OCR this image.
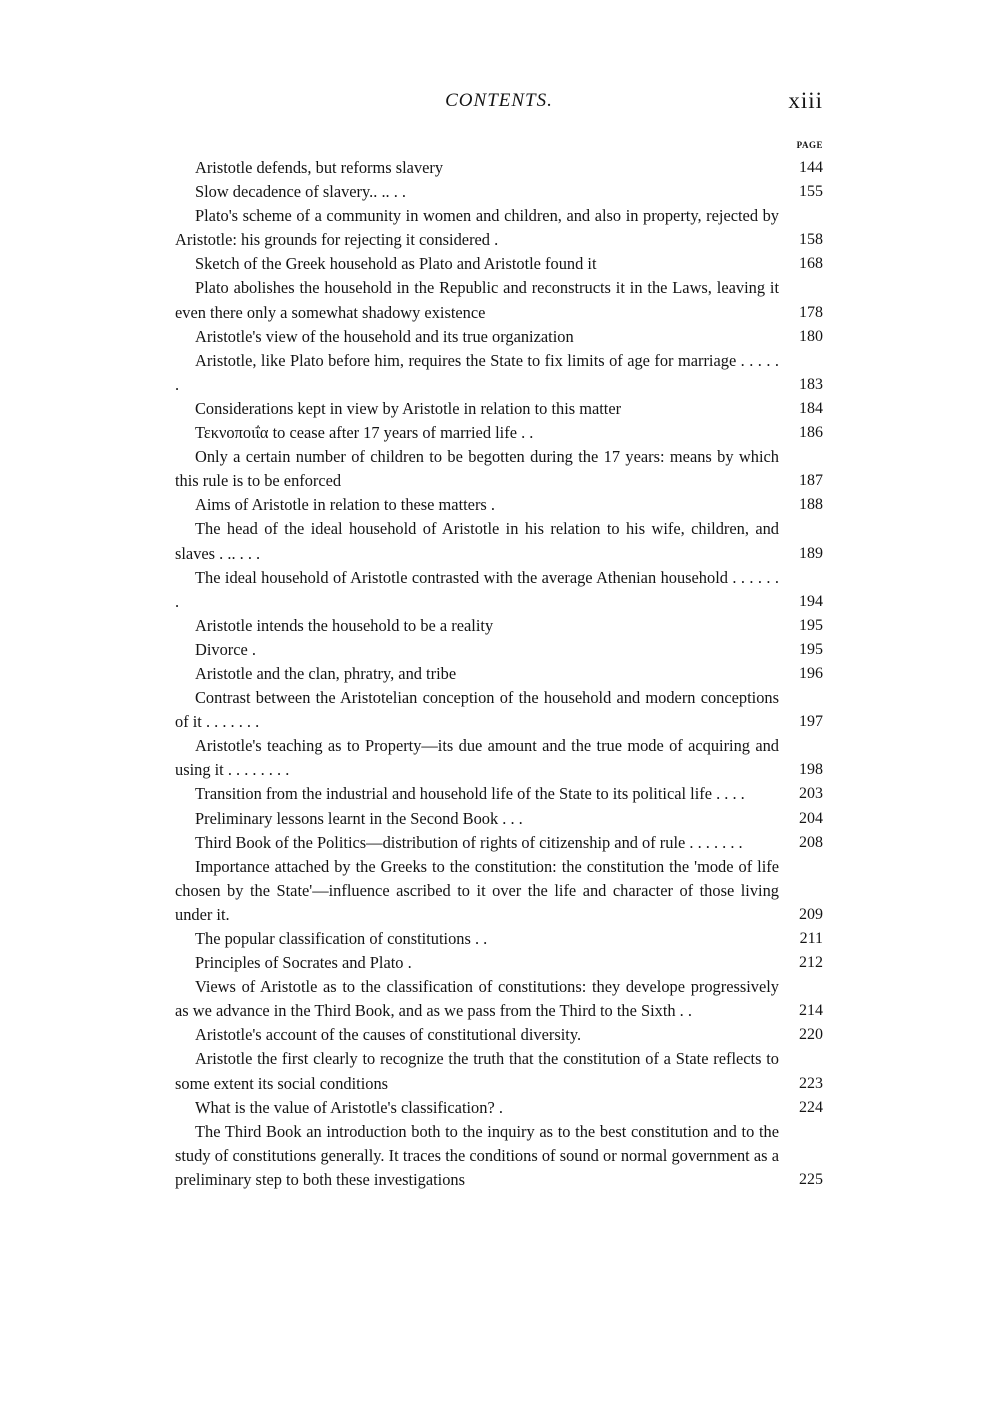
CONTENTS.	xiii
PAGE
Aristotle defends, but reforms slavery	144
Slow decadence of slavery.. .. . .	155
Plato's scheme of a community in women and children, and also in property, rejected by Aristotle: his grounds for rejecting it considered .	158
Sketch of the Greek household as Plato and Aristotle found it	168
Plato abolishes the household in the Republic and reconstructs it in the Laws, leaving it even there only a somewhat shadowy existence	178
Aristotle's view of the household and its true organization	180
Aristotle, like Plato before him, requires the State to fix limits of age for marriage . . . . . .	183
Considerations kept in view by Aristotle in relation to this matter	184
Τεκνοποιΐα to cease after 17 years of married life . .	186
Only a certain number of children to be begotten during the 17 years: means by which this rule is to be enforced	187
Aims of Aristotle in relation to these matters .	188
The head of the ideal household of Aristotle in his relation to his wife, children, and slaves . .. . . .	189
The ideal household of Aristotle contrasted with the average Athenian household . . . . . . .	194
Aristotle intends the household to be a reality	195
Divorce .	195
Aristotle and the clan, phratry, and tribe	196
Contrast between the Aristotelian conception of the household and modern conceptions of it . . . . . . .	197
Aristotle's teaching as to Property—its due amount and the true mode of acquiring and using it . . . . . . . .	198
Transition from the industrial and household life of the State to its political life . . . .	203
Preliminary lessons learnt in the Second Book . . .	204
Third Book of the Politics—distribution of rights of citizenship and of rule . . . . . . .	208
Importance attached by the Greeks to the constitution: the constitution the 'mode of life chosen by the State'—influence ascribed to it over the life and character of those living under it.	209
The popular classification of constitutions . .	211
Principles of Socrates and Plato .	212
Views of Aristotle as to the classification of constitutions: they develope progressively as we advance in the Third Book, and as we pass from the Third to the Sixth . .	214
Aristotle's account of the causes of constitutional diversity.	220
Aristotle the first clearly to recognize the truth that the constitution of a State reflects to some extent its social conditions	223
What is the value of Aristotle's classification? .	224
The Third Book an introduction both to the inquiry as to the best constitution and to the study of constitutions generally. It traces the conditions of sound or normal government as a preliminary step to both these investigations	225
